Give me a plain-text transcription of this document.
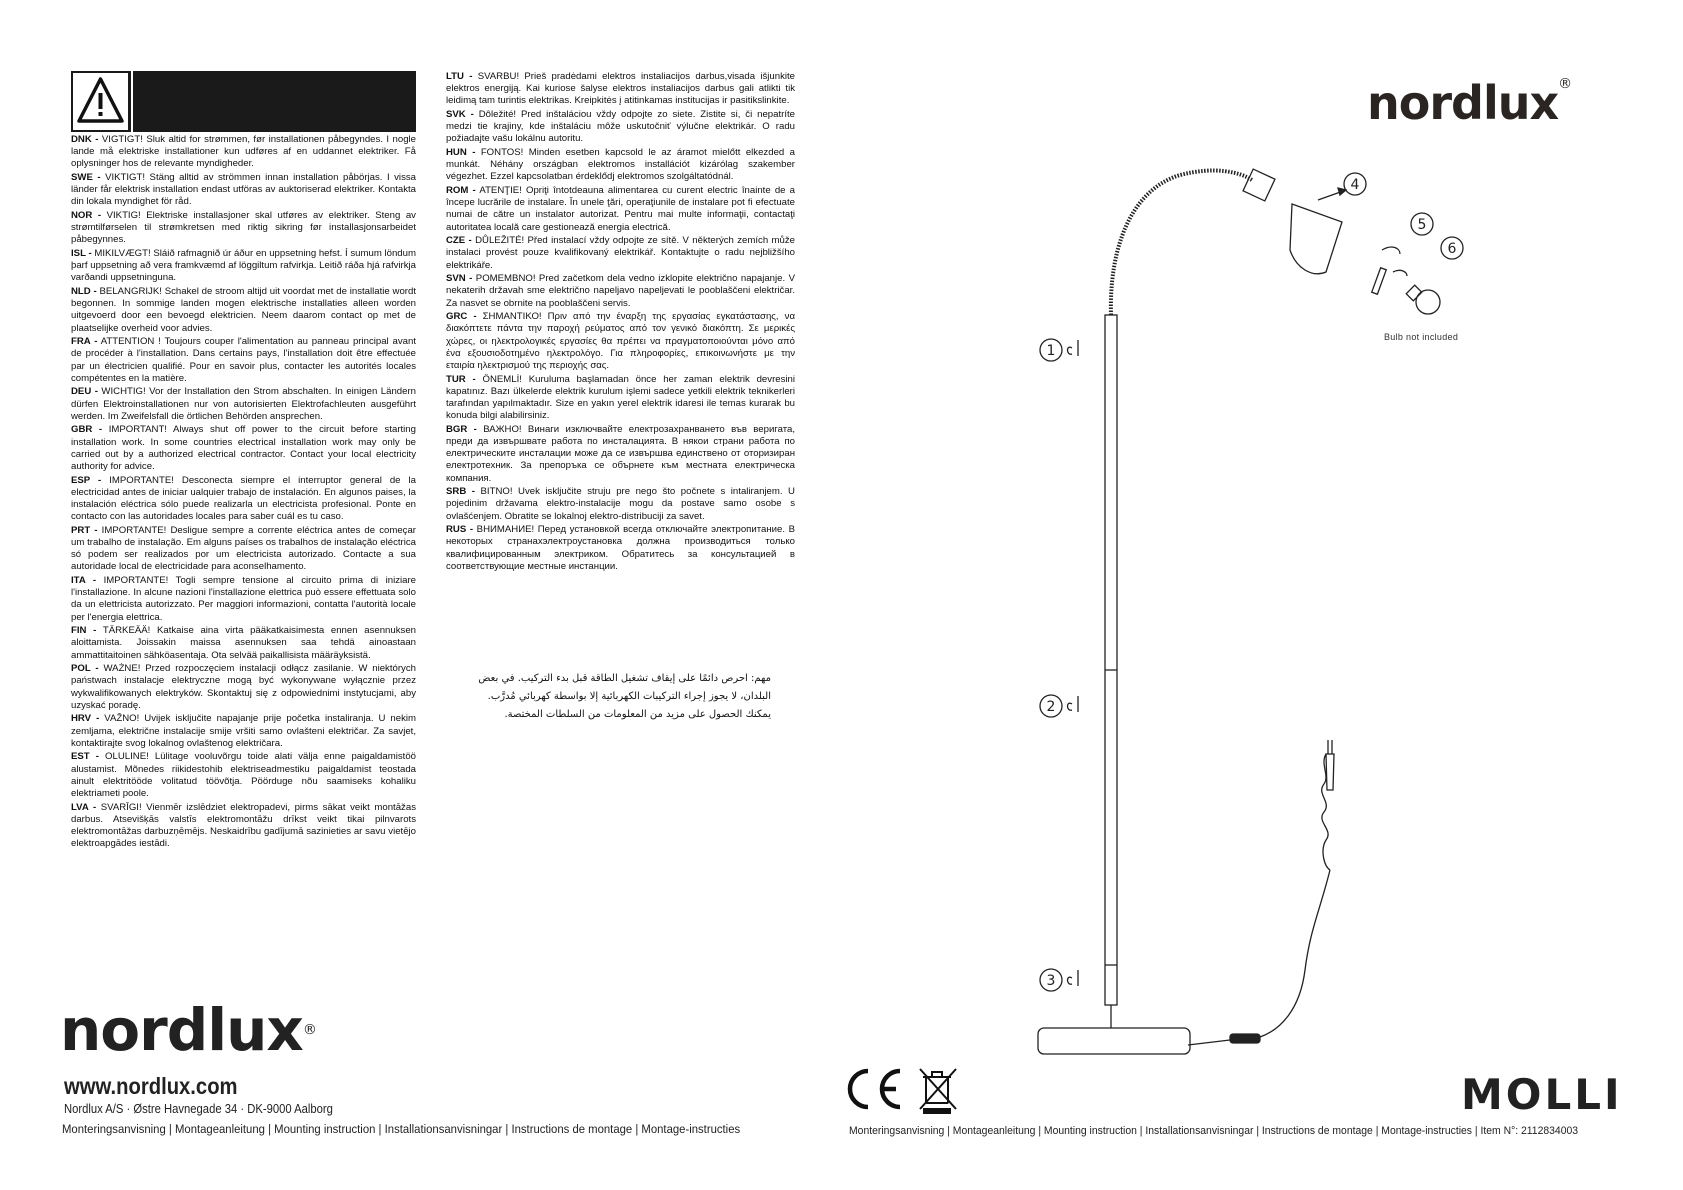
DNK - VIGTIGT! Sluk altid for strømmen, før installationen påbegyndes. I nogle lande må elektriske installationer kun udføres af en uddannet elektriker. Få oplysninger hos de relevante myndigheder.

SWE - VIKTIGT! Stäng alltid av strömmen innan installation påbörjas. I vissa länder får elektrisk installation endast utföras av auktoriserad elektriker. Kontakta din lokala myndighet för råd.

NOR - VIKTIG! Elektriske installasjoner skal utføres av elektriker. Steng av strømtilførselen til strømkretsen med riktig sikring før installasjonsarbeidet påbegynnes.

ISL - MIKILVÆGT! Sláið rafmagnið úr áður en uppsetning hefst. Í sumum löndum þarf uppsetning að vera framkvæmd af löggiltum rafvirkja. Leitið ráða hjá rafvirkja varðandi uppsetninguna.

NLD - BELANGRIJK! Schakel de stroom altijd uit voordat met de installatie wordt begonnen. In sommige landen mogen elektrische installaties alleen worden uitgevoerd door een bevoegd elektricien. Neem daarom contact op met de plaatselijke overheid voor advies.

FRA - ATTENTION ! Toujours couper l'alimentation au panneau principal avant de procéder à l'installation. Dans certains pays, l'installation doit être effectuée par un électricien qualifié. Pour en savoir plus, contacter les autorités locales compétentes en la matière.

DEU - WICHTIG! Vor der Installation den Strom abschalten. In einigen Ländern dürfen Elektroinstallationen nur von autorisierten Elektrofachleuten ausgeführt werden. Im Zweifelsfall die örtlichen Behörden ansprechen.

GBR - IMPORTANT! Always shut off power to the circuit before starting installation work. In some countries electrical installation work may only be carried out by a authorized electrical contractor. Contact your local electricity authority for advice.

ESP - IMPORTANTE! Desconecta siempre el interruptor general de la electricidad antes de iniciar ualquier trabajo de instalación. En algunos paises, la instalación eléctrica sólo puede realizarla un electricista profesional. Ponte en contacto con las autoridades locales para saber cuál es tu caso.

PRT - IMPORTANTE! Desligue sempre a corrente eléctrica antes de começar um trabalho de instalação. Em alguns países os trabalhos de instalação eléctrica só podem ser realizados por um electricista autorizado. Contacte a sua autoridade local de electricidade para aconselhamento.

ITA - IMPORTANTE! Togli sempre tensione al circuito prima di iniziare l'installazione. In alcune nazioni l'installazione elettrica può essere effettuata solo da un elettricista autorizzato. Per maggiori informazioni, contatta l'autorità locale per l'energia elettrica.

FIN - TÄRKEÄÄ! Katkaise aina virta pääkatkaisimesta ennen asennuksen aloittamista. Joissakin maissa asennuksen saa tehdä ainoastaan ammattitaitoinen sähköasentaja. Ota selvää paikallisista määräyksistä.

POL - WAŻNE! Przed rozpoczęciem instalacji odłącz zasilanie. W niektórych państwach instalacje elektryczne mogą być wykonywane wyłącznie przez wykwalifikowanych elektryków. Skontaktuj się z odpowiednimi instytucjami, aby uzyskać poradę.

HRV - VAŽNO! Uvijek isključite napajanje prije početka instaliranja. U nekim zemljama, električne instalacije smije vršiti samo ovlašteni električar. Za savjet, kontaktirajte svog lokalnog ovlaštenog električara.

EST - OLULINE! Lülitage vooluvõrgu toide alati välja enne paigaldamistöö alustamist. Mõnedes riikidestohib elektriseadmestiku paigaldamist teostada ainult elektritööde volitatud töövõtja. Pöörduge nõu saamiseks kohaliku elektriameti poole.

LVA - SVARĪGI! Vienmēr izslēdziet elektropadevi, pirms sākat veikt montāžas darbus. Atsevišķās valstīs elektromontāžu drīkst veikt tikai pilnvarots elektromontāžas darbuzņēmējs. Neskaidrību gadījumā sazinieties ar savu vietējo elektroapgādes iestādi.

LTU - SVARBU! Prieš pradėdami elektros instaliacijos darbus,visada išjunkite elektros energiją. Kai kuriose šalyse elektros instaliacijos darbus gali atlikti tik leidimą tam turintis elektrikas. Kreipkitės į atitinkamas institucijas ir pasitikslinkite.

SVK - Dôležité! Pred inštaláciou vždy odpojte zo siete. Zistite si, či nepatríte medzi tie krajiny, kde inštaláciu môže uskutočniť výlučne elektrikár. O radu požiadajte vašu lokálnu autoritu.

HUN - FONTOS! Minden esetben kapcsold le az áramot mielőtt elkezded a munkát. Néhány országban elektromos installációt kizárólag szakember végezhet. Ezzel kapcsolatban érdeklődj elektromos szolgáltatódnál.

ROM - ATENŢIE! Opriţi întotdeauna alimentarea cu curent electric înainte de a începe lucrările de instalare. În unele ţări, operaţiunile de instalare pot fi efectuate numai de către un instalator autorizat. Pentru mai multe informaţii, contactaţi autoritatea locală care gestionează energia electrică.

CZE - DŮLEŽITÉ! Před instalací vždy odpojte ze sítě. V některých zemích může instalaci provést pouze kvalifikovaný elektrikář. Kontaktujte o radu nejbližšího elektrikáře.

SVN - POMEMBNO! Pred začetkom dela vedno izklopite električno napajanje. V nekaterih državah sme električno napeljavo napeljevati le pooblaščeni električar. Za nasvet se obrnite na pooblaščeni servis.

GRC - ΣΗΜΑΝΤΙΚΟ! Πριν από την έναρξη της εργασίας εγκατάστασης, να διακόπτετε πάντα την παροχή ρεύματος από τον γενικό διακόπτη. Σε μερικές χώρες, οι ηλεκτρολογικές εργασίες θα πρέπει να πραγματοποιούνται μόνο από ένα εξουσιοδοτημένο ηλεκτρολόγο. Για πληροφορίες, επικοινωνήστε με την εταιρία ηλεκτρισμού της περιοχής σας.

TUR - ÖNEMLİ! Kuruluma başlamadan önce her zaman elektrik devresini kapatınız. Bazı ülkelerde elektrik kurulum işlemi sadece yetkili elektrik teknikerleri tarafından yapılmaktadır. Size en yakın yerel elektrik idaresi ile temas kurarak bu konuda bilgi alabilirsiniz.

BGR - ВАЖНО! Винаги изключвайте електрозахранването във веригата, преди да извършвате работа по инсталацията. В някои страни работа по електрическите инсталации може да се извършва единствено от оторизиран електротехник. За препоръка се обърнете към местната електрическа компания.

SRB - BITNO! Uvek isključite struju pre nego što počnete s intaliranjem. U pojedinim državama elektro-instalacije mogu da postave samo osobe s ovlašćenjem. Obratite se lokalnoj elektro-distribuciji za savet.

RUS - ВНИМАНИЕ! Перед установкой всегда отключайте электропитание. В некоторых странахэлектроустановка должна производиться только квалифицированным электриком. Обратитесь за консультацией в соответствующие местные инстанции.

مهم: احرص دائمًا على إيقاف تشغيل الطاقة قبل بدء التركيب. في بعض

البلدان، لا يجوز إجراء التركيبات الكهربائية إلا بواسطة كهربائي مُدرَّب.

يمكنك الحصول على مزيد من المعلومات من السلطات المختصة.

nordlux®
www.nordlux.com
Nordlux A/S · Østre Havnegade 34 · DK-9000 Aalborg
Monteringsanvisning | Montageanleitung | Mounting instruction | Installationsanvisningar | Instructions de montage | Montage-instructies
nordlux®
1
2
3
4
5
6
Bulb not included
MOLLI
Monteringsanvisning | Montageanleitung | Mounting instruction | Installationsanvisningar | Instructions de montage | Montage-instructies | Item N°: 2112834003
